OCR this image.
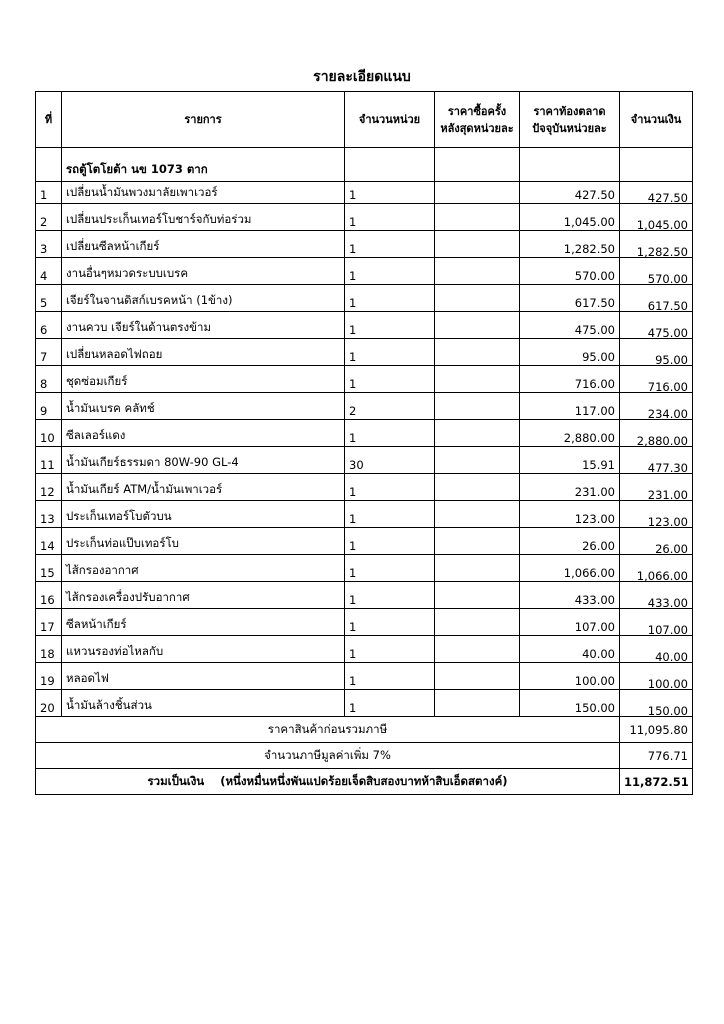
รายละเอียดแนบ
ที่	รายการ	จำนวนหน่วย	ราคาซื้อครั้งหลังสุดหน่วยละ	ราคาท้องตลาดปัจจุบันหน่วยละ	จำนวนเงิน
	รถตู้โตโยต้า นข 1073 ตาก				
1	เปลี่ยนน้ำมันพวงมาลัยเพาเวอร์	1		427.50	427.50
2	เปลี่ยนประเก็นเทอร์โบชาร์จกับท่อร่วม	1		1,045.00	1,045.00
3	เปลี่ยนซีลหน้าเกียร์	1		1,282.50	1,282.50
4	งานอื่นๆหมวดระบบเบรค	1		570.00	570.00
5	เจียร์ในจานดิสก์เบรคหน้า (1ข้าง)	1		617.50	617.50
6	งานควบ เจียร์ในด้านตรงข้าม	1		475.00	475.00
7	เปลี่ยนหลอดไฟถอย	1		95.00	95.00
8	ชุดซ่อมเกียร์	1		716.00	716.00
9	น้ำมันเบรค คลัทช์	2		117.00	234.00
10	ซีลเลอร์แดง	1		2,880.00	2,880.00
11	น้ำมันเกียร์ธรรมดา 80W-90 GL-4	30		15.91	477.30
12	น้ำมันเกียร์ ATM/น้ำมันเพาเวอร์	1		231.00	231.00
13	ประเก็นเทอร์โบตัวบน	1		123.00	123.00
14	ประเก็นท่อแป๊บเทอร์โบ	1		26.00	26.00
15	ไส้กรองอากาศ	1		1,066.00	1,066.00
16	ไส้กรองเครื่องปรับอากาศ	1		433.00	433.00
17	ซีลหน้าเกียร์	1		107.00	107.00
18	แหวนรองท่อไหลกับ	1		40.00	40.00
19	หลอดไฟ	1		100.00	100.00
20	น้ำมันล้างชิ้นส่วน	1		150.00	150.00
ราคาสินค้าก่อนรวมภาษี					11,095.80
จำนวนภาษีมูลค่าเพิ่ม 7%					776.71
รวมเป็นเงิน (หนึ่งหมื่นหนึ่งพันแปดร้อยเจ็ดสิบสองบาทห้าสิบเอ็ดสตางค์)					11,872.51
